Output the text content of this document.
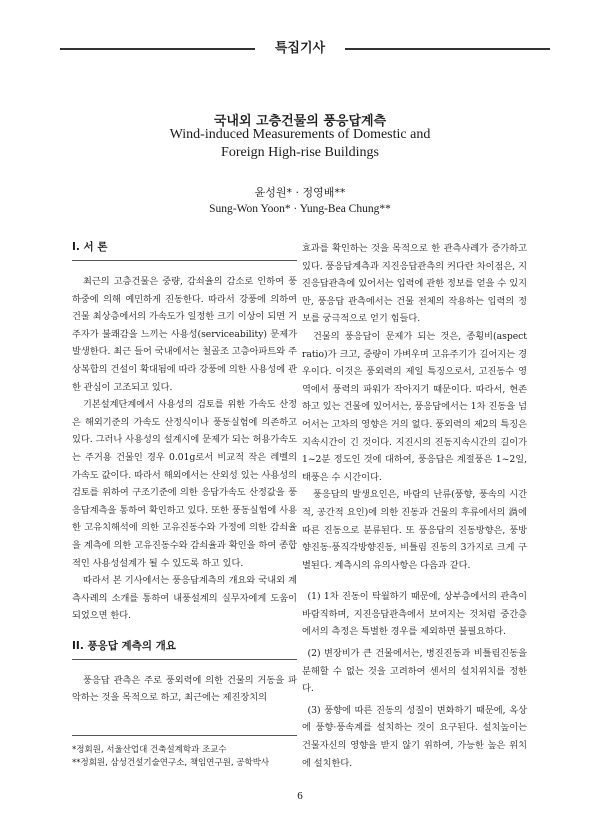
특집기사
국내외 고층건물의 풍응답계측
Wind-induced Measurements of Domestic and
Foreign High-rise Buildings
윤성원* · 정영배**
Sung-Won Yoon* · Yung-Bea Chung**
I. 서 론

최근의 고층건물은 중량, 감쇠율의 감소로 인하여 풍하중에 의해 예민하게 진동한다. 따라서 강풍에 의하여 건물 최상층에서의 가속도가 일정한 크기 이상이 되면 거주자가 불쾌감을 느끼는 사용성(serviceability) 문제가 발생한다. 최근 들어 국내에서는 철골조 고층아파트와 주상복합의 건설이 확대됨에 따라 강풍에 의한 사용성에 관한 관심이 고조되고 있다.

기본설계단계에서 사용성의 검토를 위한 가속도 산정은 해외기준의 가속도 산정식이나 풍동실험에 의존하고 있다. 그러나 사용성의 설계시에 문제가 되는 허용가속도는 주거용 건물인 경우 0.01g로서 비교적 작은 레벨의 가속도 값이다. 따라서 해외에서는 산외성 있는 사용성의 검토를 위하여 구조기준에 의한 응답가속도 산정값을 풍응답계측을 통하여 확인하고 있다. 또한 풍동실험에 사용한 고유치해석에 의한 고유진동수와 가정에 의한 감쇠율을 계측에 의한 고유진동수와 감쇠율과 확인을 하여 종합적인 사용성설계가 될 수 있도록 하고 있다.

따라서 본 기사에서는 풍응답계측의 개요와 국내외 계측사례의 소개를 통하여 내풍설계의 실무자에게 도움이 되었으면 한다.

II. 풍응답 계측의 개요

풍응답 관측은 주로 풍외력에 의한 건물의 거동을 파악하는 것을 목적으로 하고, 최근에는 제진장치의

효과를 확인하는 것을 목적으로 한 관측사례가 증가하고 있다. 풍응답계측과 지진응답관측의 커다란 차이점은, 지진응답관측에 있어서는 입력에 관한 정보를 얻을 수 있지만, 풍응답 관측에서는 건물 전체의 작용하는 입력의 정보를 궁극적으로 얻기 힘들다.

건물의 풍응답이 문제가 되는 것은, 종횡비(aspect ratio)가 크고, 중량이 가벼우며 고유주기가 길어지는 경우이다. 이것은 풍외력의 제일 특징으로서, 고진동수 영역에서 풍력의 파워가 작아지기 때문이다. 따라서, 현존하고 있는 건물에 있어서는, 풍응답에서는 1차 진동을 넘어서는 고차의 영향은 거의 없다. 풍외력의 제2의 특징은 지속시간이 긴 것이다. 지진시의 진동지속시간의 길이가 1~2분 정도인 것에 대하여, 풍응답은 계절풍은 1~2일, 태풍은 수 시간이다.

풍응답의 발생요인은, 바람의 난류(풍향, 풍속의 시간적, 공간적 요인)에 의한 진동과 건물의 후류에서의 渦에 따른 진동으로 분류된다. 또 풍응답의 진동방향은, 풍방향진동·풍직각방향진동, 비틀림 진동의 3가지로 크게 구별된다. 계측시의 유의사항은 다음과 같다.

(1) 1차 진동이 탁월하기 때문에, 상부층에서의 관측이 바람직하며, 지진응답관측에서 보여지는 것처럼 중간층에서의 측정은 특별한 경우를 제외하면 불필요하다.

(2) 변장비가 큰 건물에서는, 병진진동과 비틀림진동을 분해할 수 없는 것을 고려하여 센서의 설치위치를 정한다.

(3) 풍향에 따른 진동의 성질이 변화하기 때문에, 옥상에 풍향·풍속계를 설치하는 것이 요구된다. 설치높이는 건물자신의 영향을 받지 않기 위하여, 가능한 높은 위치에 설치한다.

*정회원, 서울산업대 건축설계학과 조교수
**정회원, 삼성건설기술연구소, 책임연구원, 공학박사
6
